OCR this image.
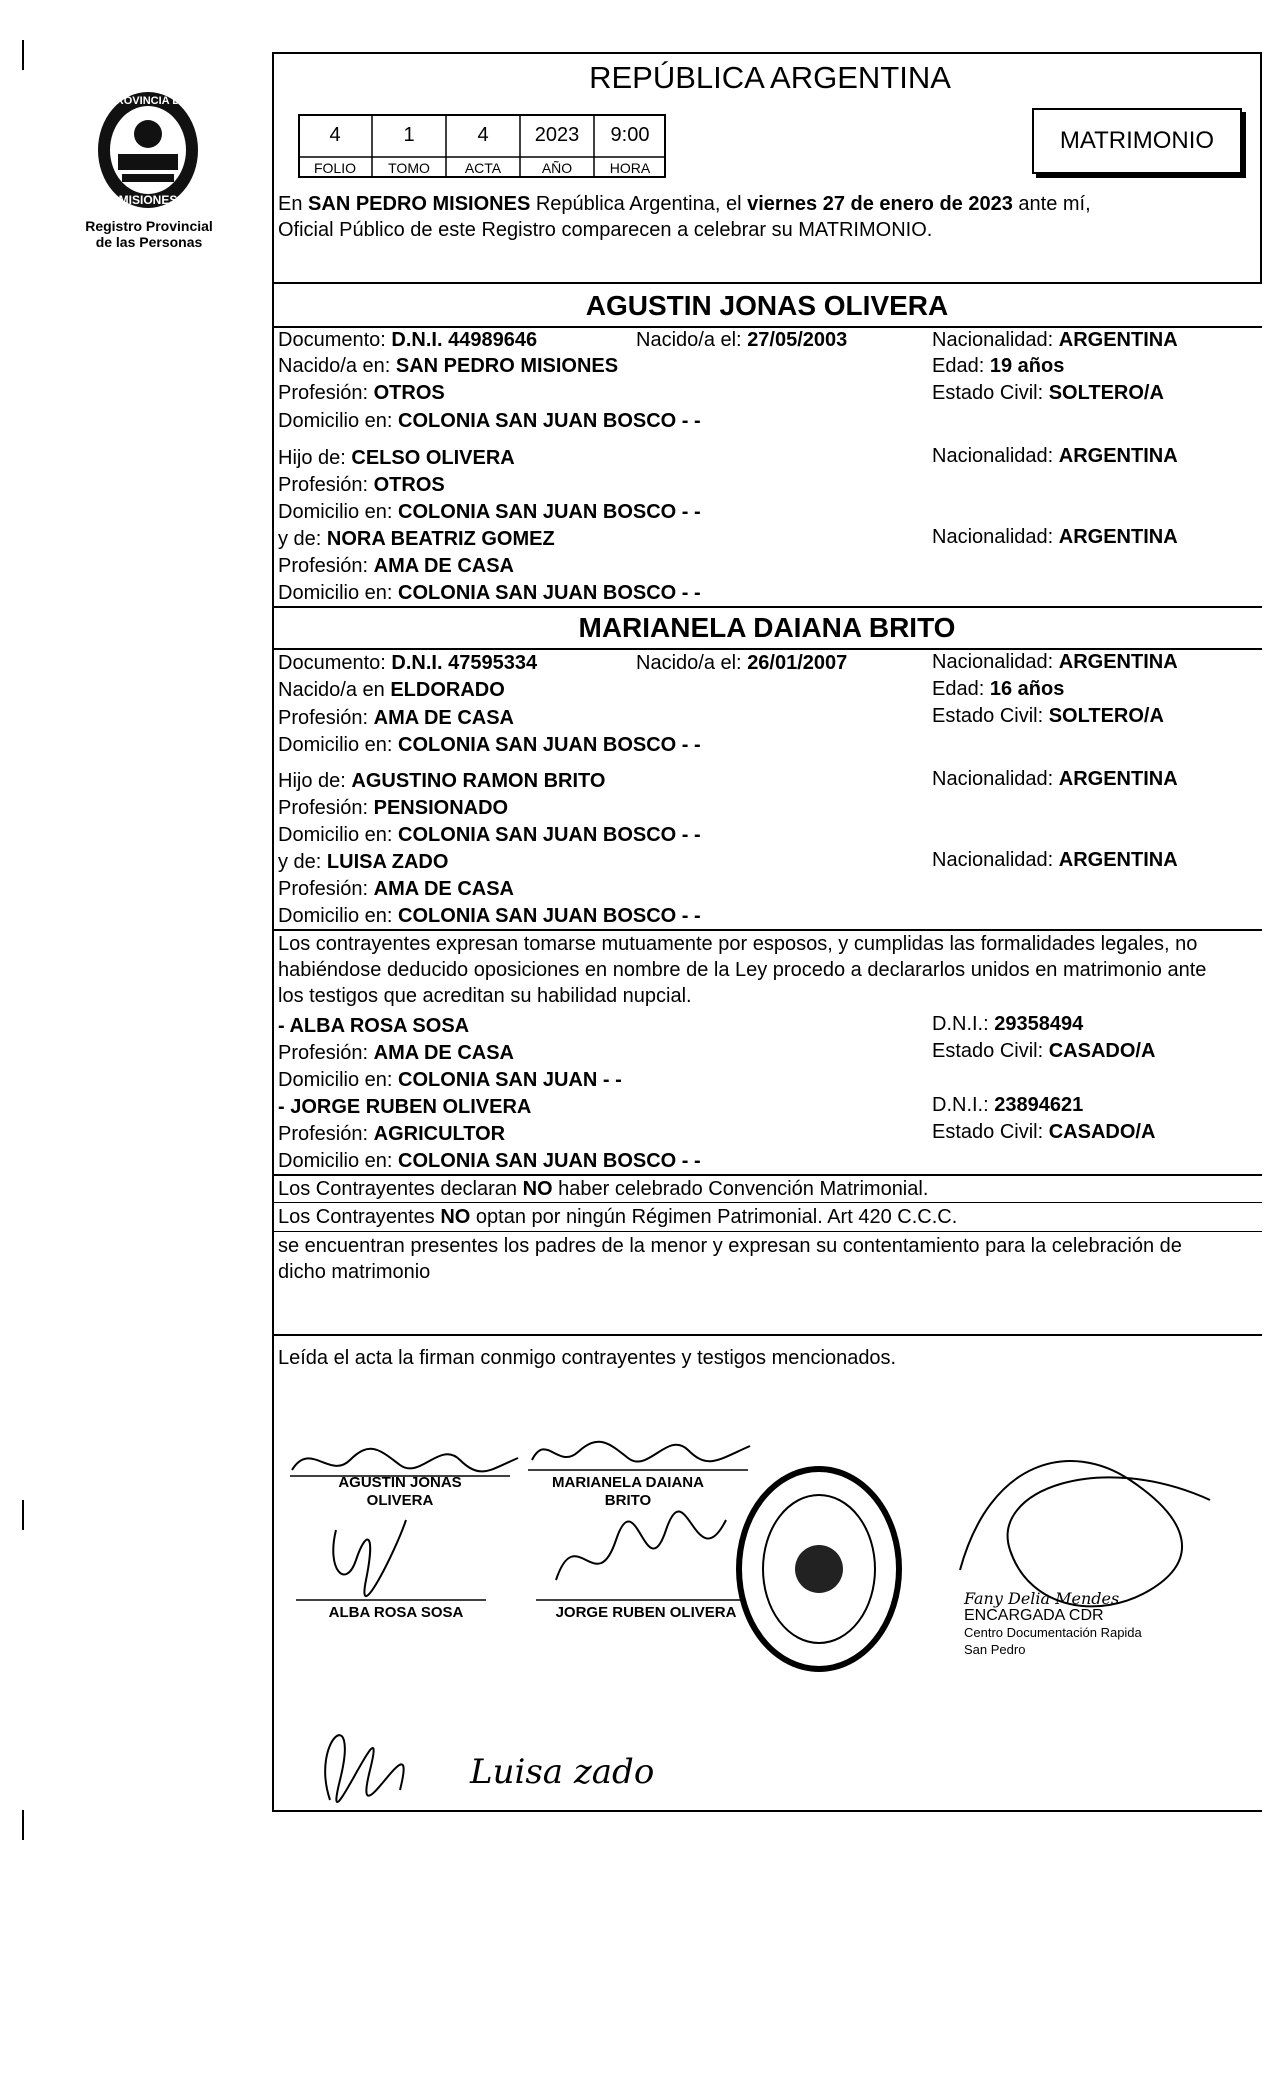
PROVINCIA DE
MISIONES
Registro Provincial
de las Personas
REPÚBLICA ARGENTINA
4	1	4	2023	9:00
FOLIO	TOMO	ACTA	AÑO	HORA
MATRIMONIO
En SAN PEDRO MISIONES República Argentina, el viernes 27 de enero de 2023 ante mí,
Oficial Público de este Registro comparecen a celebrar su MATRIMONIO.
AGUSTIN JONAS OLIVERA
Documento: D.N.I. 44989646	Nacido/a el: 27/05/2003	Nacionalidad: ARGENTINA
Nacido/a en: SAN PEDRO MISIONES	Edad: 19 años
Profesión: OTROS	Estado Civil: SOLTERO/A
Domicilio en: COLONIA SAN JUAN BOSCO - -
Hijo de: CELSO OLIVERA	Nacionalidad: ARGENTINA
Profesión: OTROS
Domicilio en: COLONIA SAN JUAN BOSCO - -
y de: NORA BEATRIZ GOMEZ	Nacionalidad: ARGENTINA
Profesión: AMA DE CASA
Domicilio en: COLONIA SAN JUAN BOSCO - -
MARIANELA DAIANA BRITO
Documento: D.N.I. 47595334	Nacido/a el: 26/01/2007	Nacionalidad: ARGENTINA
Nacido/a en ELDORADO	Edad: 16 años
Profesión: AMA DE CASA	Estado Civil: SOLTERO/A
Domicilio en: COLONIA SAN JUAN BOSCO - -
Hijo de: AGUSTINO RAMON BRITO	Nacionalidad: ARGENTINA
Profesión: PENSIONADO
Domicilio en: COLONIA SAN JUAN BOSCO - -
y de: LUISA ZADO	Nacionalidad: ARGENTINA
Profesión: AMA DE CASA
Domicilio en: COLONIA SAN JUAN BOSCO - -
Los contrayentes expresan tomarse mutuamente por esposos, y cumplidas las formalidades legales, no
habiéndose deducido oposiciones en nombre de la Ley procedo a declararlos unidos en matrimonio ante
los testigos que acreditan su habilidad nupcial.
- ALBA ROSA SOSA	D.N.I.: 29358494
Profesión: AMA DE CASA	Estado Civil: CASADO/A
Domicilio en: COLONIA SAN JUAN - -
- JORGE RUBEN OLIVERA	D.N.I.: 23894621
Profesión: AGRICULTOR	Estado Civil: CASADO/A
Domicilio en: COLONIA SAN JUAN BOSCO - -
Los Contrayentes declaran NO haber celebrado Convención Matrimonial.
Los Contrayentes NO optan por ningún Régimen Patrimonial. Art 420 C.C.C.
se encuentran presentes los padres de la menor y expresan su contentamiento para la celebración de
dicho matrimonio
Leída el acta la firman conmigo contrayentes y testigos mencionados.
AGUSTIN JONAS
OLIVERA
MARIANELA DAIANA
BRITO
ALBA ROSA SOSA	JORGE RUBEN OLIVERA
Fany Delia Mendes
ENCARGADA CDR
Centro Documentación Rapida
San Pedro
Luisa zado
